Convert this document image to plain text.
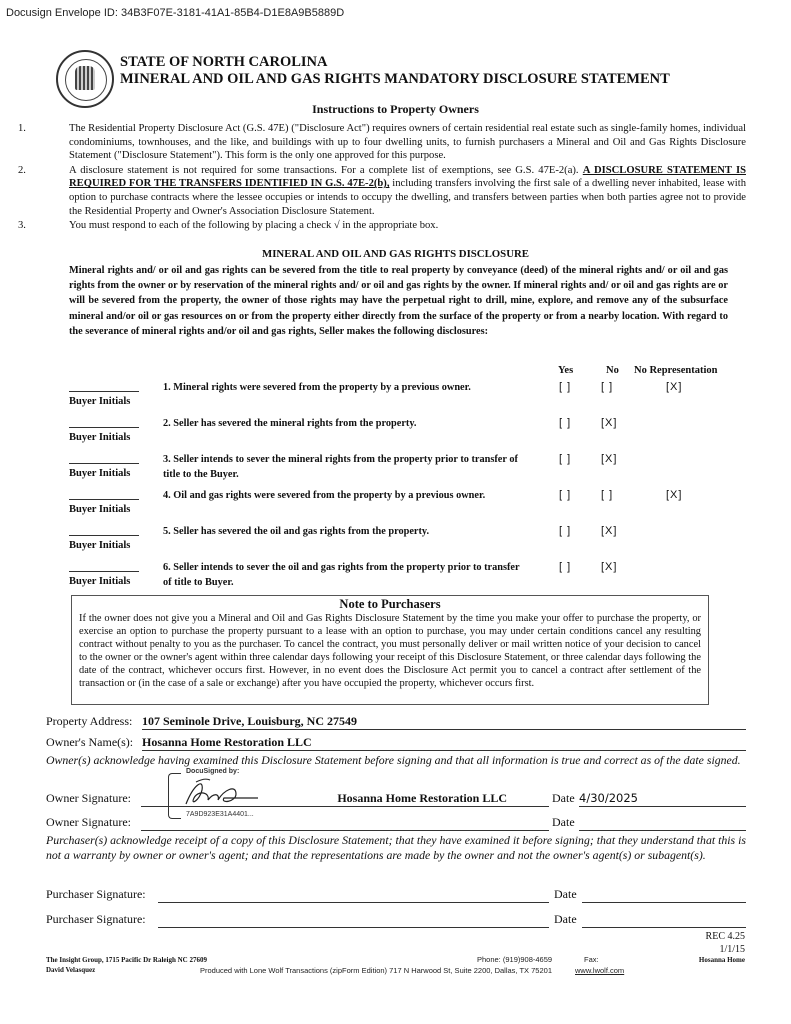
Docusign Envelope ID: 34B3F07E-3181-41A1-85B4-D1E8A9B5889D
STATE OF NORTH CAROLINA
MINERAL AND OIL AND GAS RIGHTS MANDATORY DISCLOSURE STATEMENT
Instructions to Property Owners
1.	The Residential Property Disclosure Act (G.S. 47E) ("Disclosure Act") requires owners of certain residential real estate such as single-family homes, individual condominiums, townhouses, and the like, and buildings with up to four dwelling units, to furnish purchasers a Mineral and Oil and Gas Rights Disclosure Statement ("Disclosure Statement"). This form is the only one approved for this purpose.
2.	A disclosure statement is not required for some transactions. For a complete list of exemptions, see G.S. 47E-2(a). A DISCLOSURE STATEMENT IS REQUIRED FOR THE TRANSFERS IDENTIFIED IN G.S. 47E-2(b), including transfers involving the first sale of a dwelling never inhabited, lease with option to purchase contracts where the lessee occupies or intends to occupy the dwelling, and transfers between parties when both parties agree not to provide the Residential Property and Owner's Association Disclosure Statement.
3.	You must respond to each of the following by placing a check √ in the appropriate box.
MINERAL AND OIL AND GAS RIGHTS DISCLOSURE
Mineral rights and/ or oil and gas rights can be severed from the title to real property by conveyance (deed) of the mineral rights and/ or oil and gas rights from the owner or by reservation of the mineral rights and/ or oil and gas rights by the owner. If mineral rights and/ or oil and gas rights are or will be severed from the property, the owner of those rights may have the perpetual right to drill, mine, explore, and remove any of the subsurface mineral and/or oil or gas resources on or from the property either directly from the surface of the property or from a nearby location. With regard to the severance of mineral rights and/or oil and gas rights, Seller makes the following disclosures:
Yes	No No Representation
Buyer Initials
1. Mineral rights were severed from the property by a previous owner.	[ ]	[ ]	[X]
Buyer Initials
2. Seller has severed the mineral rights from the property.	[ ]	[X]
Buyer Initials
3. Seller intends to sever the mineral rights from the property prior to transfer of title to the Buyer.
[ ]	[X]
Buyer Initials
4. Oil and gas rights were severed from the property by a previous owner.	[ ]	[ ]	[X]
Buyer Initials
5. Seller has severed the oil and gas rights from the property.	[ ]	[X]
Buyer Initials
6. Seller intends to sever the oil and gas rights from the property prior to transfer of title to Buyer.
[ ]	[X]
Note to Purchasers
If the owner does not give you a Mineral and Oil and Gas Rights Disclosure Statement by the time you make your offer to purchase the property, or exercise an option to purchase the property pursuant to a lease with an option to purchase, you may under certain conditions cancel any resulting contract without penalty to you as the purchaser. To cancel the contract, you must personally deliver or mail written notice of your decision to cancel to the owner or the owner's agent within three calendar days following your receipt of this Disclosure Statement, or three calendar days following the date of the contract, whichever occurs first. However, in no event does the Disclosure Act permit you to cancel a contract after settlement of the transaction or (in the case of a sale or exchange) after you have occupied the property, whichever occurs first.
Property Address: 107 Seminole Drive, Louisburg, NC 27549
Owner's Name(s): Hosanna Home Restoration LLC
Owner(s) acknowledge having examined this Disclosure Statement before signing and that all information is true and correct as of the date signed.
DocuSigned by:
7A9D923E31A4401...
Owner Signature:	Hosanna Home Restoration LLC	Date 4/30/2025
Owner Signature:	Date
Purchaser(s) acknowledge receipt of a copy of this Disclosure Statement; that they have examined it before signing; that they understand that this is not a warranty by owner or owner's agent; and that the representations are made by the owner and not the owner's agent(s) or subagent(s).
Purchaser Signature:	Date
Purchaser Signature:	Date
REC 4.25
1/1/15
The Insight Group, 1715 Pacific Dr Raleigh NC 27609
David Velasquez
Phone: (919)908-4659	Fax:	Hosanna Home
Produced with Lone Wolf Transactions (zipForm Edition) 717 N Harwood St, Suite 2200, Dallas, TX 75201	www.lwolf.com
